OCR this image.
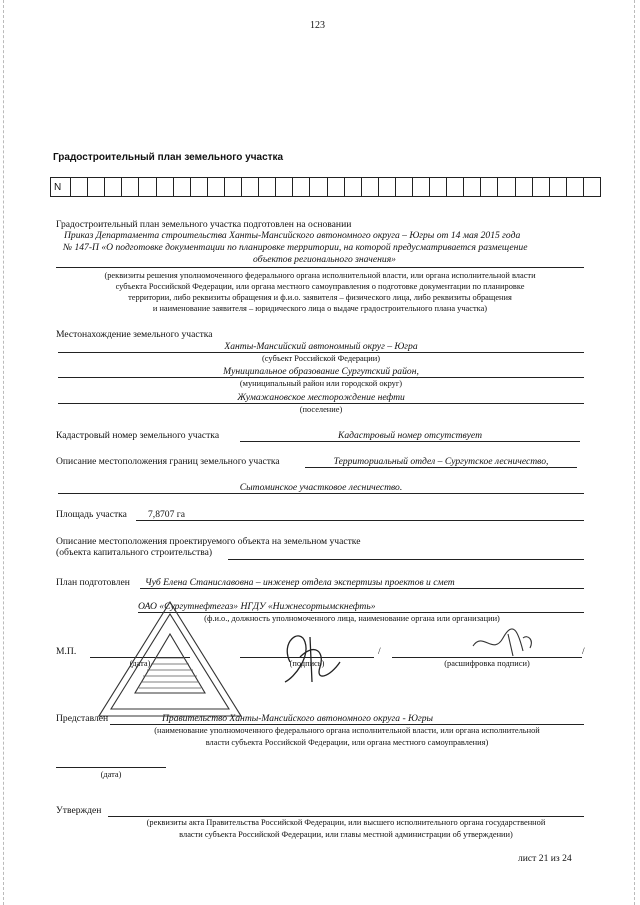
123
Градостроительный план земельного участка
N
Градостроительный план земельного участка подготовлен на основании
Приказ Департамента строительства Ханты-Мансийского автономного округа – Югры от 14 мая 2015 года
№ 147-П «О подготовке документации по планировке территории, на которой предусматривается размещение
объектов регионального значения»
(реквизиты решения уполномоченного федерального органа исполнительной власти, или органа исполнительной власти
субъекта Российской Федерации, или органа местного самоуправления о подготовке документации по планировке
территории, либо реквизиты обращения и ф.и.о. заявителя – физического лица, либо реквизиты обращения
и наименование заявителя – юридического лица о выдаче градостроительного плана участка)
Местонахождение земельного участка
Ханты-Мансийский автономный округ – Югра
(субъект Российской Федерации)
Муниципальное образование Сургутский район,
(муниципальный район или городской округ)
Жумажановское месторождение нефти
(поселение)
Кадастровый номер земельного участка	Кадастровый номер отсутствует
Описание местоположения границ земельного участка	Территориальный отдел – Сургутское лесничество,
Сытоминское участковое лесничество.
Площадь участка	7,8707 га
Описание местоположения проектируемого объекта на земельном участке
(объекта капитального строительства)
План подготовлен	Чуб Елена Станиславовна – инженер отдела экспертизы проектов и смет
ОАО «Сургутнефтегаз» НГДУ «Нижнесортымскнефть»
(ф.и.о., должность уполномоченного лица, наименование органа или организации)
М.П.
(дата)	(подпись)
/	/
(расшифровка подписи)
Представлен	Правительство Ханты-Мансийского автономного округа - Югры
(наименование уполномоченного федерального органа исполнительной власти, или органа исполнительной
власти субъекта Российской Федерации, или органа местного самоуправления)
(дата)
Утвержден
(реквизиты акта Правительства Российской Федерации, или высшего исполнительного органа государственной
власти субъекта Российской Федерации, или главы местной администрации об утверждении)
лист 21 из 24
